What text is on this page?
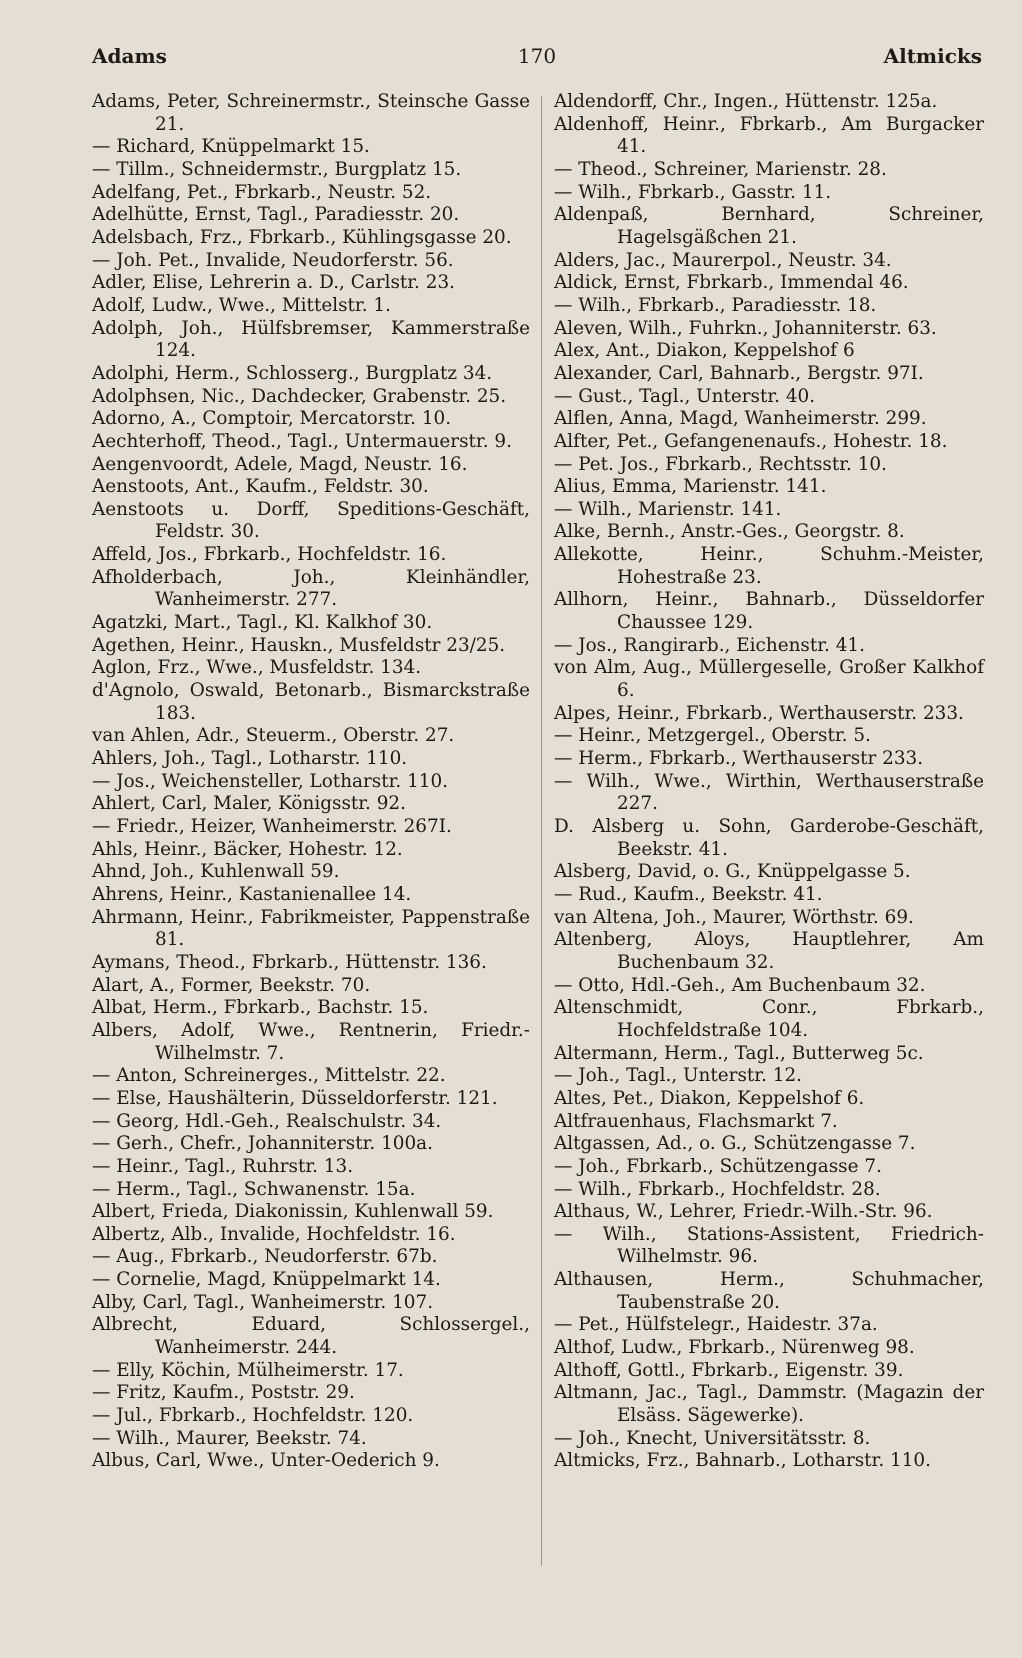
Adams	170	Altmicks
Adams, Peter, Schreinermstr., Steinsche Gasse 21.
— Richard, Knüppelmarkt 15.
— Tillm., Schneidermstr., Burgplatz 15.
Adelfang, Pet., Fbrkarb., Neustr. 52.
Adelhütte, Ernst, Tagl., Paradiesstr. 20.
Adelsbach, Frz., Fbrkarb., Kühlingsgasse 20.
— Joh. Pet., Invalide, Neudorferstr. 56.
Adler, Elise, Lehrerin a. D., Carlstr. 23.
Adolf, Ludw., Wwe., Mittelstr. 1.
Adolph, Joh., Hülfsbremser, Kammerstraße 124.
Adolphi, Herm., Schlosserg., Burgplatz 34.
Adolphsen, Nic., Dachdecker, Grabenstr. 25.
Adorno, A., Comptoir, Mercatorstr. 10.
Aechterhoff, Theod., Tagl., Untermauerstr. 9.
Aengenvoordt, Adele, Magd, Neustr. 16.
Aenstoots, Ant., Kaufm., Feldstr. 30.
Aenstoots u. Dorff, Speditions-Geschäft, Feldstr. 30.
Affeld, Jos., Fbrkarb., Hochfeldstr. 16.
Afholderbach, Joh., Kleinhändler, Wanheimerstr. 277.
Agatzki, Mart., Tagl., Kl. Kalkhof 30.
Agethen, Heinr., Hauskn., Musfeldstr 23/25.
Aglon, Frz., Wwe., Musfeldstr. 134.
d'Agnolo, Oswald, Betonarb., Bismarckstraße 183.
van Ahlen, Adr., Steuerm., Oberstr. 27.
Ahlers, Joh., Tagl., Lotharstr. 110.
— Jos., Weichensteller, Lotharstr. 110.
Ahlert, Carl, Maler, Königsstr. 92.
— Friedr., Heizer, Wanheimerstr. 267I.
Ahls, Heinr., Bäcker, Hohestr. 12.
Ahnd, Joh., Kuhlenwall 59.
Ahrens, Heinr., Kastanienallee 14.
Ahrmann, Heinr., Fabrikmeister, Pappenstraße 81.
Aymans, Theod., Fbrkarb., Hüttenstr. 136.
Alart, A., Former, Beekstr. 70.
Albat, Herm., Fbrkarb., Bachstr. 15.
Albers, Adolf, Wwe., Rentnerin, Friedr.-Wilhelmstr. 7.
— Anton, Schreinerges., Mittelstr. 22.
— Else, Haushälterin, Düsseldorferstr. 121.
— Georg, Hdl.-Geh., Realschulstr. 34.
— Gerh., Chefr., Johanniterstr. 100a.
— Heinr., Tagl., Ruhrstr. 13.
— Herm., Tagl., Schwanenstr. 15a.
Albert, Frieda, Diakonissin, Kuhlenwall 59.
Albertz, Alb., Invalide, Hochfeldstr. 16.
— Aug., Fbrkarb., Neudorferstr. 67b.
— Cornelie, Magd, Knüppelmarkt 14.
Alby, Carl, Tagl., Wanheimerstr. 107.
Albrecht, Eduard, Schlossergel., Wanheimerstr. 244.
— Elly, Köchin, Mülheimerstr. 17.
— Fritz, Kaufm., Poststr. 29.
— Jul., Fbrkarb., Hochfeldstr. 120.
— Wilh., Maurer, Beekstr. 74.
Albus, Carl, Wwe., Unter-Oederich 9.
Aldendorff, Chr., Ingen., Hüttenstr. 125a.
Aldenhoff, Heinr., Fbrkarb., Am Burgacker 41.
— Theod., Schreiner, Marienstr. 28.
— Wilh., Fbrkarb., Gasstr. 11.
Aldenpaß, Bernhard, Schreiner, Hagelsgäßchen 21.
Alders, Jac., Maurerpol., Neustr. 34.
Aldick, Ernst, Fbrkarb., Immendal 46.
— Wilh., Fbrkarb., Paradiesstr. 18.
Aleven, Wilh., Fuhrkn., Johanniterstr. 63.
Alex, Ant., Diakon, Keppelshof 6
Alexander, Carl, Bahnarb., Bergstr. 97I.
— Gust., Tagl., Unterstr. 40.
Alflen, Anna, Magd, Wanheimerstr. 299.
Alfter, Pet., Gefangenenaufs., Hohestr. 18.
— Pet. Jos., Fbrkarb., Rechtsstr. 10.
Alius, Emma, Marienstr. 141.
— Wilh., Marienstr. 141.
Alke, Bernh., Anstr.-Ges., Georgstr. 8.
Allekotte, Heinr., Schuhm.-Meister, Hohestraße 23.
Allhorn, Heinr., Bahnarb., Düsseldorfer Chaussee 129.
— Jos., Rangirarb., Eichenstr. 41.
von Alm, Aug., Müllergeselle, Großer Kalkhof 6.
Alpes, Heinr., Fbrkarb., Werthauserstr. 233.
— Heinr., Metzgergel., Oberstr. 5.
— Herm., Fbrkarb., Werthauserstr 233.
— Wilh., Wwe., Wirthin, Werthauserstraße 227.
D. Alsberg u. Sohn, Garderobe-Geschäft, Beekstr. 41.
Alsberg, David, o. G., Knüppelgasse 5.
— Rud., Kaufm., Beekstr. 41.
van Altena, Joh., Maurer, Wörthstr. 69.
Altenberg, Aloys, Hauptlehrer, Am Buchenbaum 32.
— Otto, Hdl.-Geh., Am Buchenbaum 32.
Altenschmidt, Conr., Fbrkarb., Hochfeldstraße 104.
Altermann, Herm., Tagl., Butterweg 5c.
— Joh., Tagl., Unterstr. 12.
Altes, Pet., Diakon, Keppelshof 6.
Altfrauenhaus, Flachsmarkt 7.
Altgassen, Ad., o. G., Schützengasse 7.
— Joh., Fbrkarb., Schützengasse 7.
— Wilh., Fbrkarb., Hochfeldstr. 28.
Althaus, W., Lehrer, Friedr.-Wilh.-Str. 96.
— Wilh., Stations-Assistent, Friedrich-Wilhelmstr. 96.
Althausen, Herm., Schuhmacher, Taubenstraße 20.
— Pet., Hülfstelegr., Haidestr. 37a.
Althof, Ludw., Fbrkarb., Nürenweg 98.
Althoff, Gottl., Fbrkarb., Eigenstr. 39.
Altmann, Jac., Tagl., Dammstr. (Magazin der Elsäss. Sägewerke).
— Joh., Knecht, Universitätsstr. 8.
Altmicks, Frz., Bahnarb., Lotharstr. 110.
